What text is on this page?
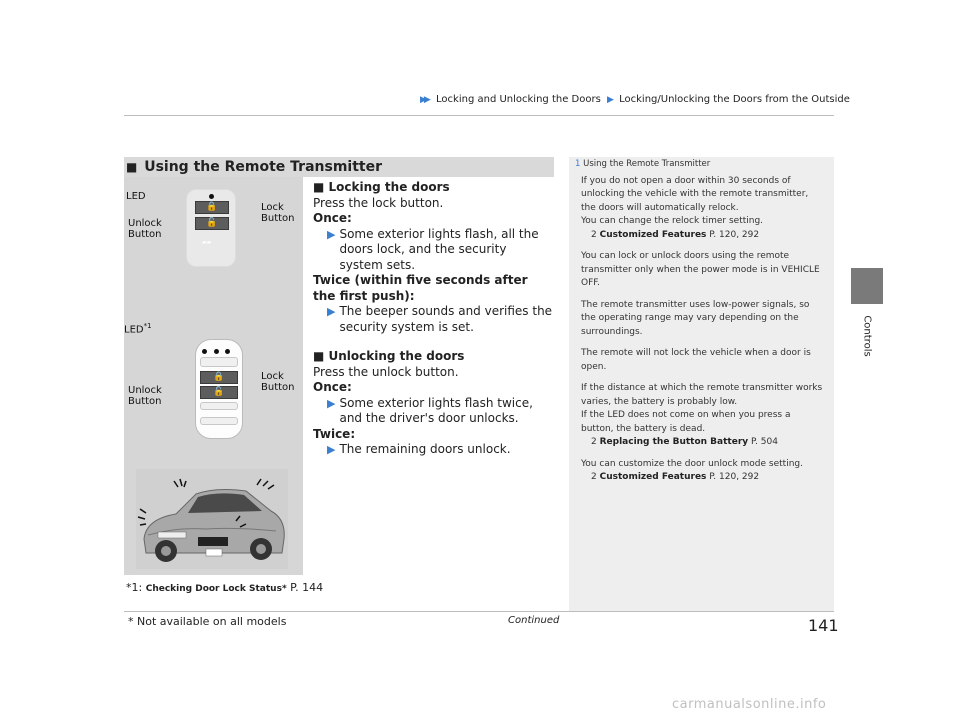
▶▶ Locking and Unlocking the Doors ▶ Locking/Unlocking the Doors from the Outside
Controls
■ Using the Remote Transmitter
🔒
🔓
▰▰
LED
Lock
Button
Unlock
Button
🔒
🔓
LED$^{*1}$
Lock
Button
Unlock
Button
■ Locking the doors
Press the lock button.
Once:
▶ Some exterior lights flash, all the doors lock, and the security system sets.
Twice (within five seconds after the first push):
▶ The beeper sounds and verifies the security system is set.
■ Unlocking the doors
Press the unlock button.
Once:
▶ Some exterior lights flash twice, and the driver's door unlocks.
Twice:
▶ The remaining doors unlock.
1 Using the Remote Transmitter

If you do not open a door within 30 seconds of unlocking the vehicle with the remote transmitter, the doors will automatically relock.

You can change the relock timer setting.

2 Customized Features P. 120, 292

You can lock or unlock doors using the remote transmitter only when the power mode is in VEHICLE OFF.

The remote transmitter uses low-power signals, so the operating range may vary depending on the surroundings.

The remote will not lock the vehicle when a door is open.

If the distance at which the remote transmitter works varies, the battery is probably low.

If the LED does not come on when you press a button, the battery is dead.

2 Replacing the Button Battery P. 504

You can customize the door unlock mode setting.

2 Customized Features P. 120, 292

*1: Checking Door Lock Status* P. 144
* Not available on all models	Continued	141
carmanualsonline.info
